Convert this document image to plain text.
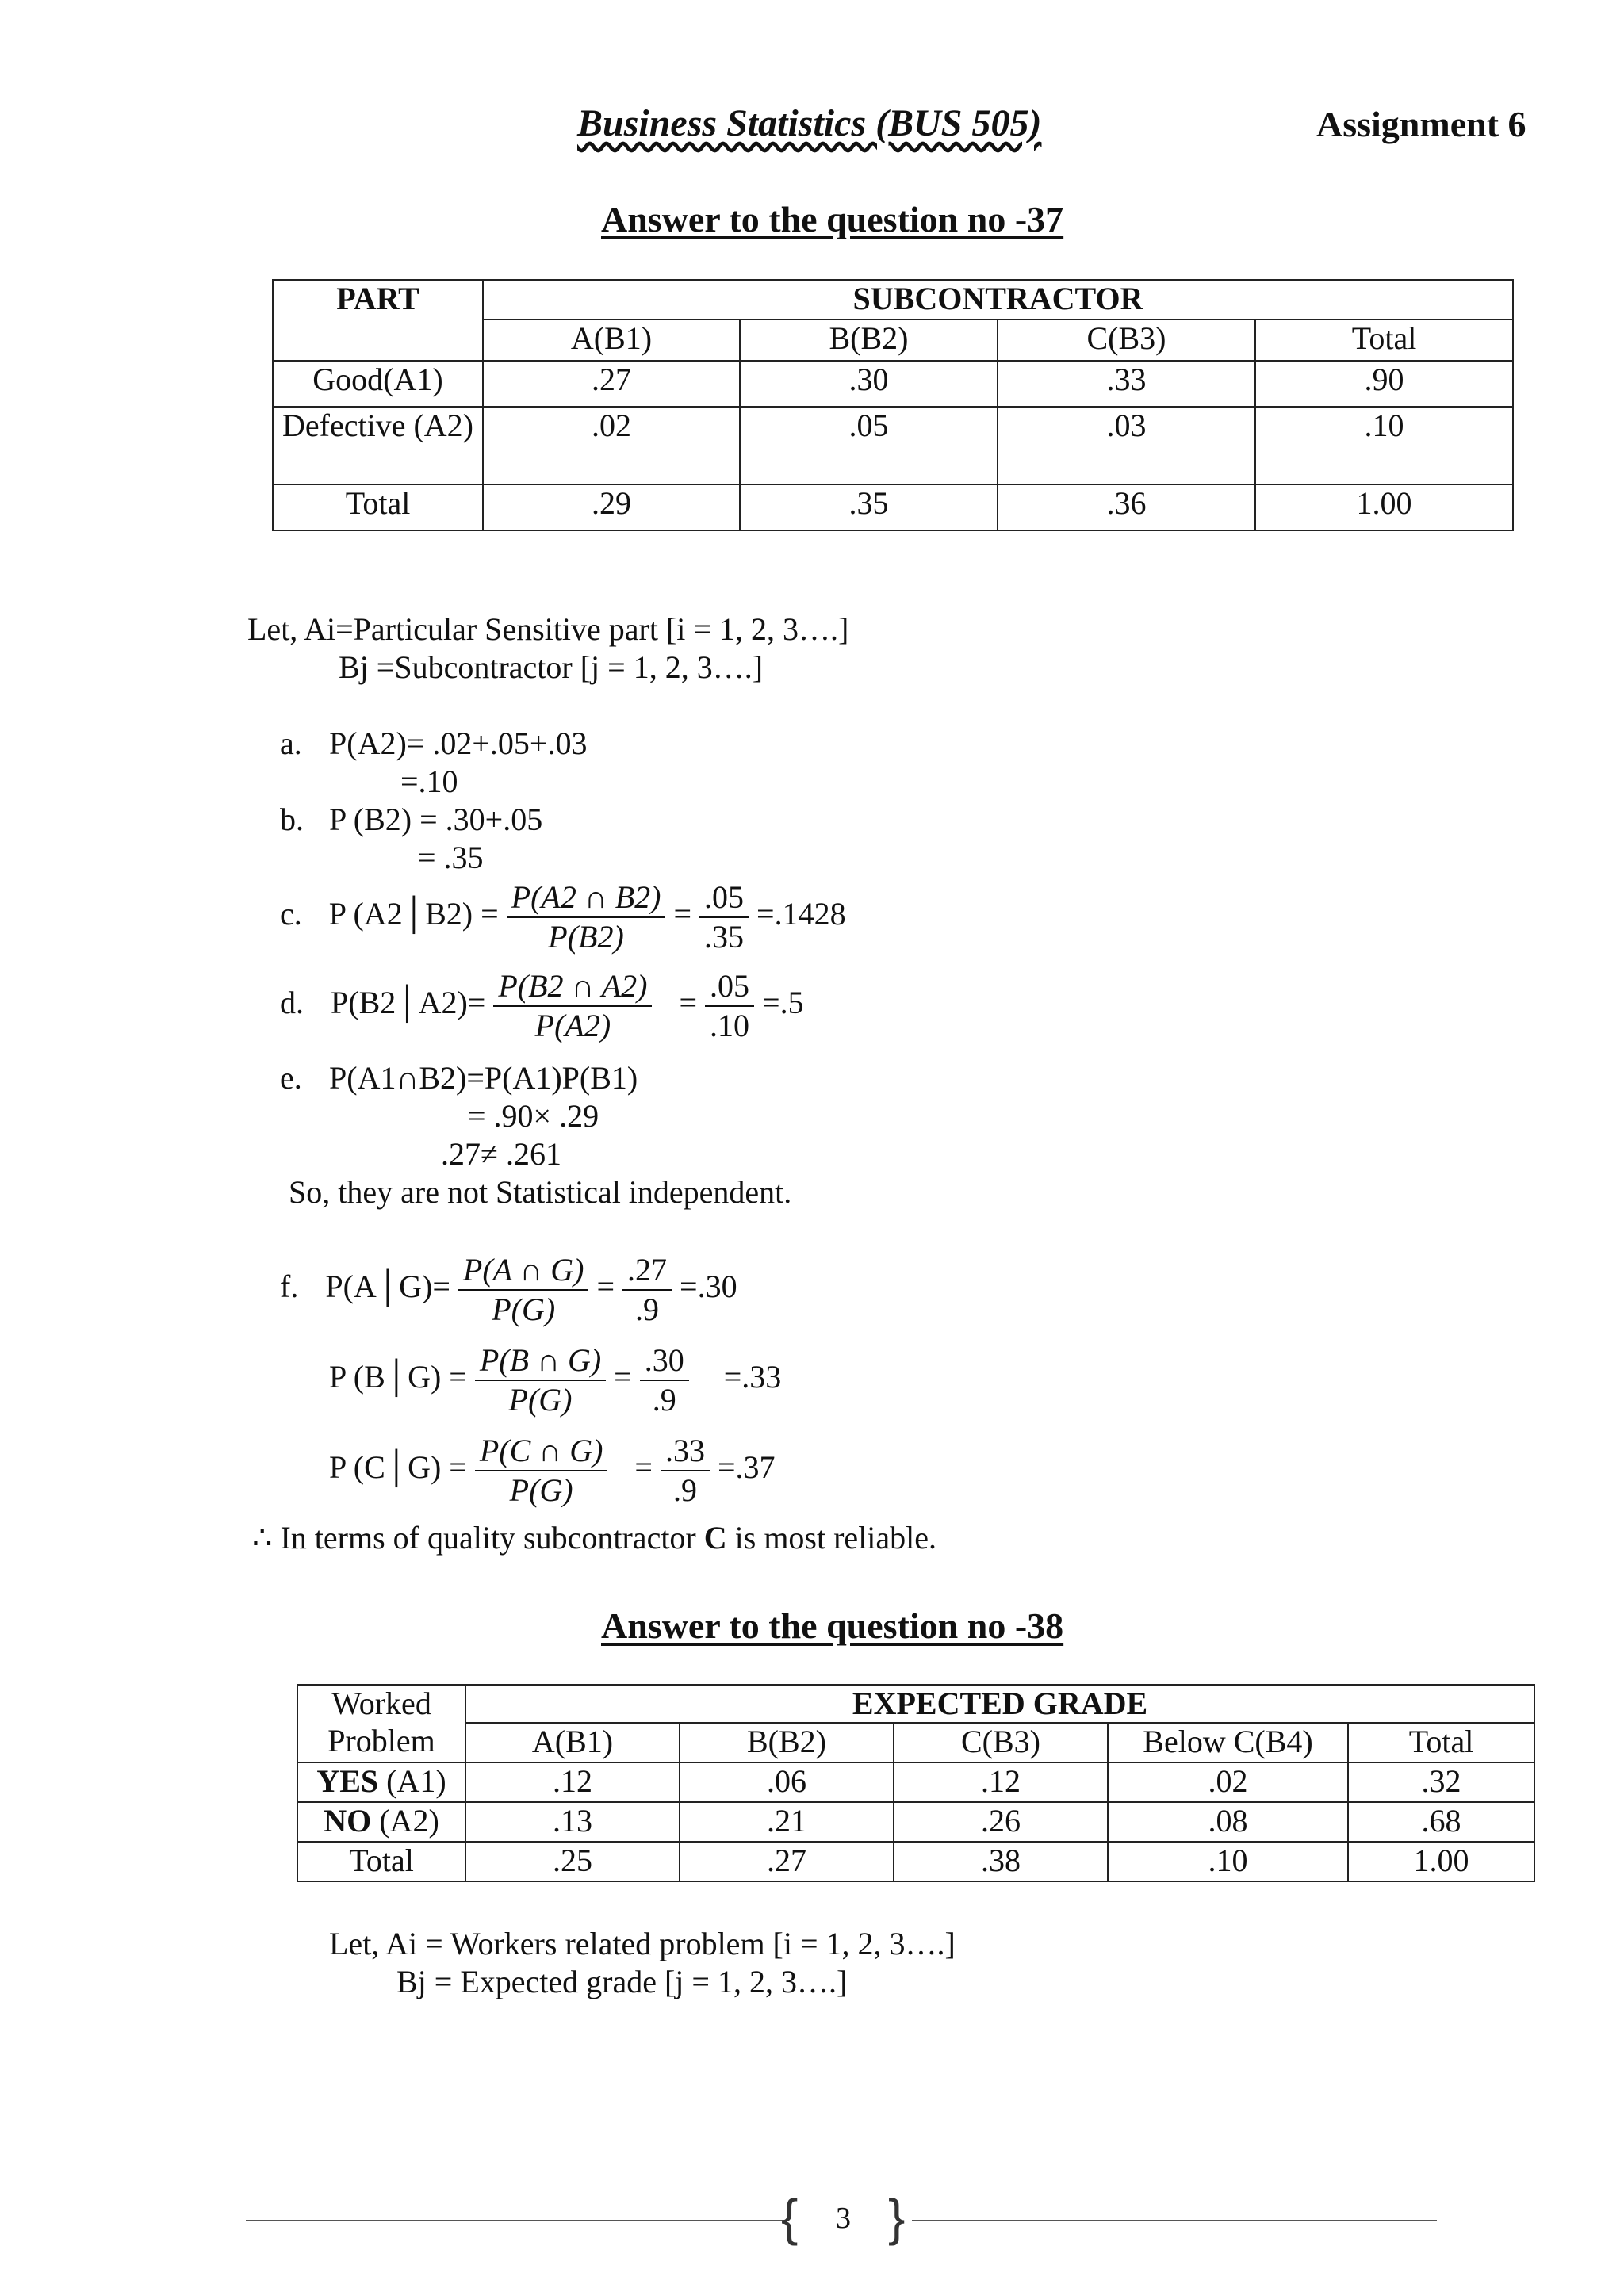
Business Statistics (BUS 505)	Assignment 6
Answer to the question no -37
PART	SUBCONTRACTOR			
	A(B1)	B(B2)	C(B3)	Total
Good(A1)	.27	.30	.33	.90
Defective (A2)	.02	.05	.03	.10
Total	.29	.35	.36	1.00
Let, Ai=Particular Sensitive part [i = 1, 2, 3….]
Bj =Subcontractor [j = 1, 2, 3….]
a. P(A2)= .02+.05+.03
=.10
b. P (B2) = .30+.05
= .35
c. P (A2│B2) = $\frac{P(A2 \cap B2)}{P(B2)} = \frac{.05}{.35} =.1428$
d. P(B2│A2)= $\frac{P(B2 \cap A2)}{P(A2)} = \frac{.05}{.10} =.5$
e. P(A1∩B2)=P(A1)P(B1)
= .90× .29
.27≠ .261
So, they are not Statistical independent.
f. P(A│G)= $\frac{P(A \cap G)}{P(G)} = \frac{.27}{.9} =.30$
P (B│G) = $\frac{P(B \cap G)}{P(G)} = \frac{.30}{.9} =.33$
P (C│G) = $\frac{P(C \cap G)}{P(G)} = \frac{.33}{.9} =.37$
∴ In terms of quality subcontractor C is most reliable.
Answer to the question no -38
Worked	EXPECTED GRADE				
Problem	A(B1)	B(B2)	C(B3)	Below C(B4)	Total
YES (A1)	.12	.06	.12	.02	.32
NO (A2)	.13	.21	.26	.08	.68
Total	.25	.27	.38	.10	1.00
Let, Ai = Workers related problem [i = 1, 2, 3….]
Bj = Expected grade [j = 1, 2, 3….]
{ }
3
